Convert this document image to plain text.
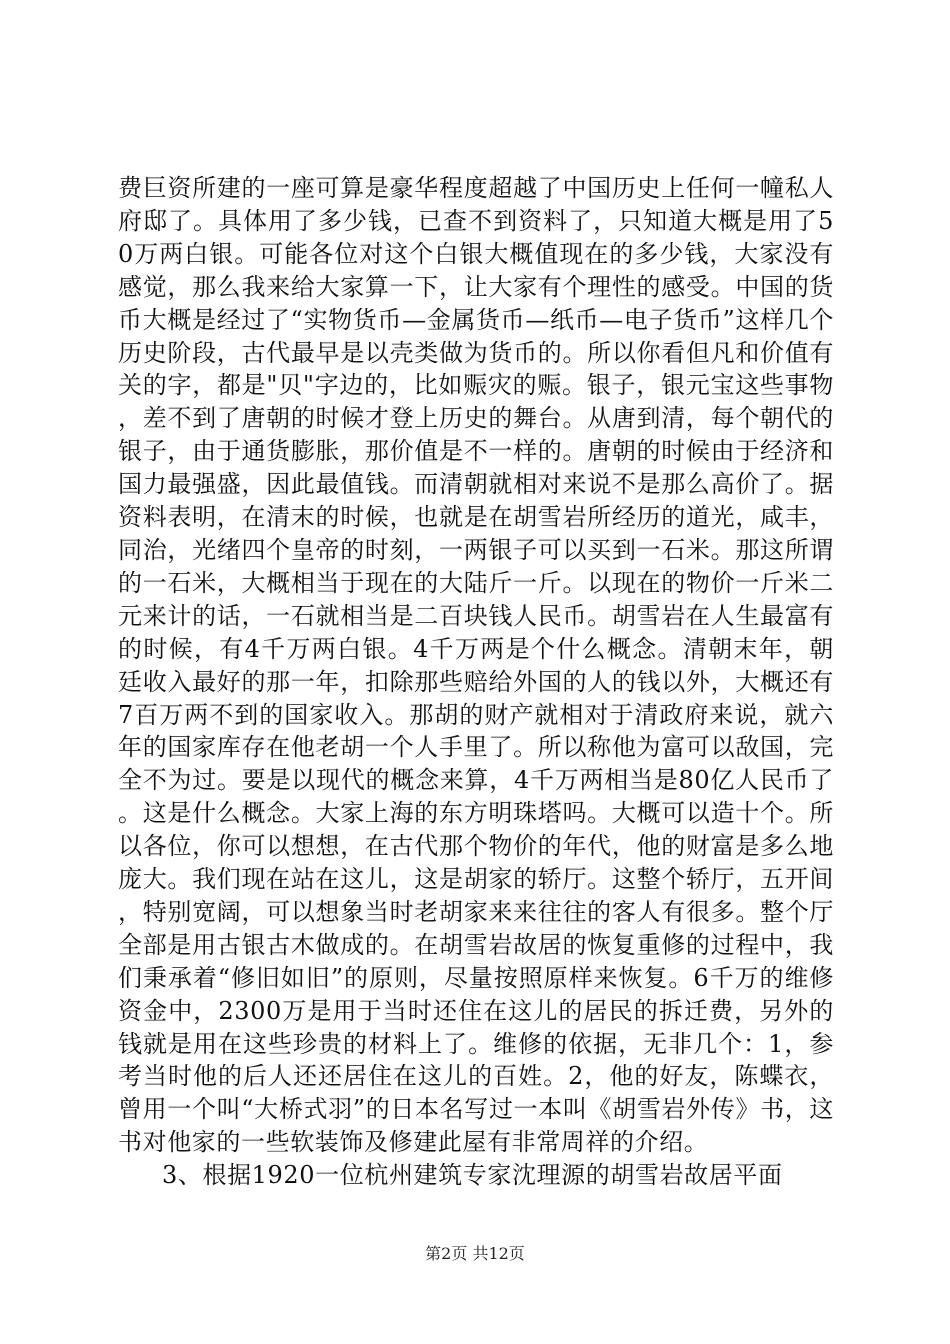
费巨资所建的一座可算是豪华程度超越了中国历史上任何一幢私人府邸了。具体用了多少钱，已查不到资料了，只知道大概是用了50万两白银。可能各位对这个白银大概值现在的多少钱，大家没有感觉，那么我来给大家算一下，让大家有个理性的感受。中国的货币大概是经过了“实物货币—金属货币—纸币—电子货币”这样几个历史阶段，古代最早是以壳类做为货币的。所以你看但凡和价值有关的字，都是"贝"字边的，比如赈灾的赈。银子，银元宝这些事物，差不到了唐朝的时候才登上历史的舞台。从唐到清，每个朝代的银子，由于通货膨胀，那价值是不一样的。唐朝的时候由于经济和国力最强盛，因此最值钱。而清朝就相对来说不是那么高价了。据资料表明，在清末的时候，也就是在胡雪岩所经历的道光，咸丰，同治，光绪四个皇帝的时刻，一两银子可以买到一石米。那这所谓的一石米，大概相当于现在的大陆斤一斤。以现在的物价一斤米二元来计的话，一石就相当是二百块钱人民币。胡雪岩在人生最富有的时候，有4千万两白银。4千万两是个什么概念。清朝末年，朝廷收入最好的那一年，扣除那些赔给外国的人的钱以外，大概还有7百万两不到的国家收入。那胡的财产就相对于清政府来说，就六年的国家库存在他老胡一个人手里了。所以称他为富可以敌国，完全不为过。要是以现代的概念来算，4千万两相当是80亿人民币了。这是什么概念。大家上海的东方明珠塔吗。大概可以造十个。所以各位，你可以想想，在古代那个物价的年代，他的财富是多么地庞大。我们现在站在这儿，这是胡家的轿厅。这整个轿厅，五开间，特别宽阔，可以想象当时老胡家来来往往的客人有很多。整个厅全部是用古银古木做成的。在胡雪岩故居的恢复重修的过程中，我们秉承着“修旧如旧”的原则，尽量按照原样来恢复。6千万的维修资金中，2300万是用于当时还住在这儿的居民的拆迁费，另外的钱就是用在这些珍贵的材料上了。维修的依据，无非几个：1，参考当时他的后人还还居住在这儿的百姓。2，他的好友，陈蝶衣，曾用一个叫“大桥式羽”的日本名写过一本叫《胡雪岩外传》书，这书对他家的一些软装饰及修建此屋有非常周祥的介绍。

3、根据1920一位杭州建筑专家沈理源的胡雪岩故居平面

第2页 共12页
